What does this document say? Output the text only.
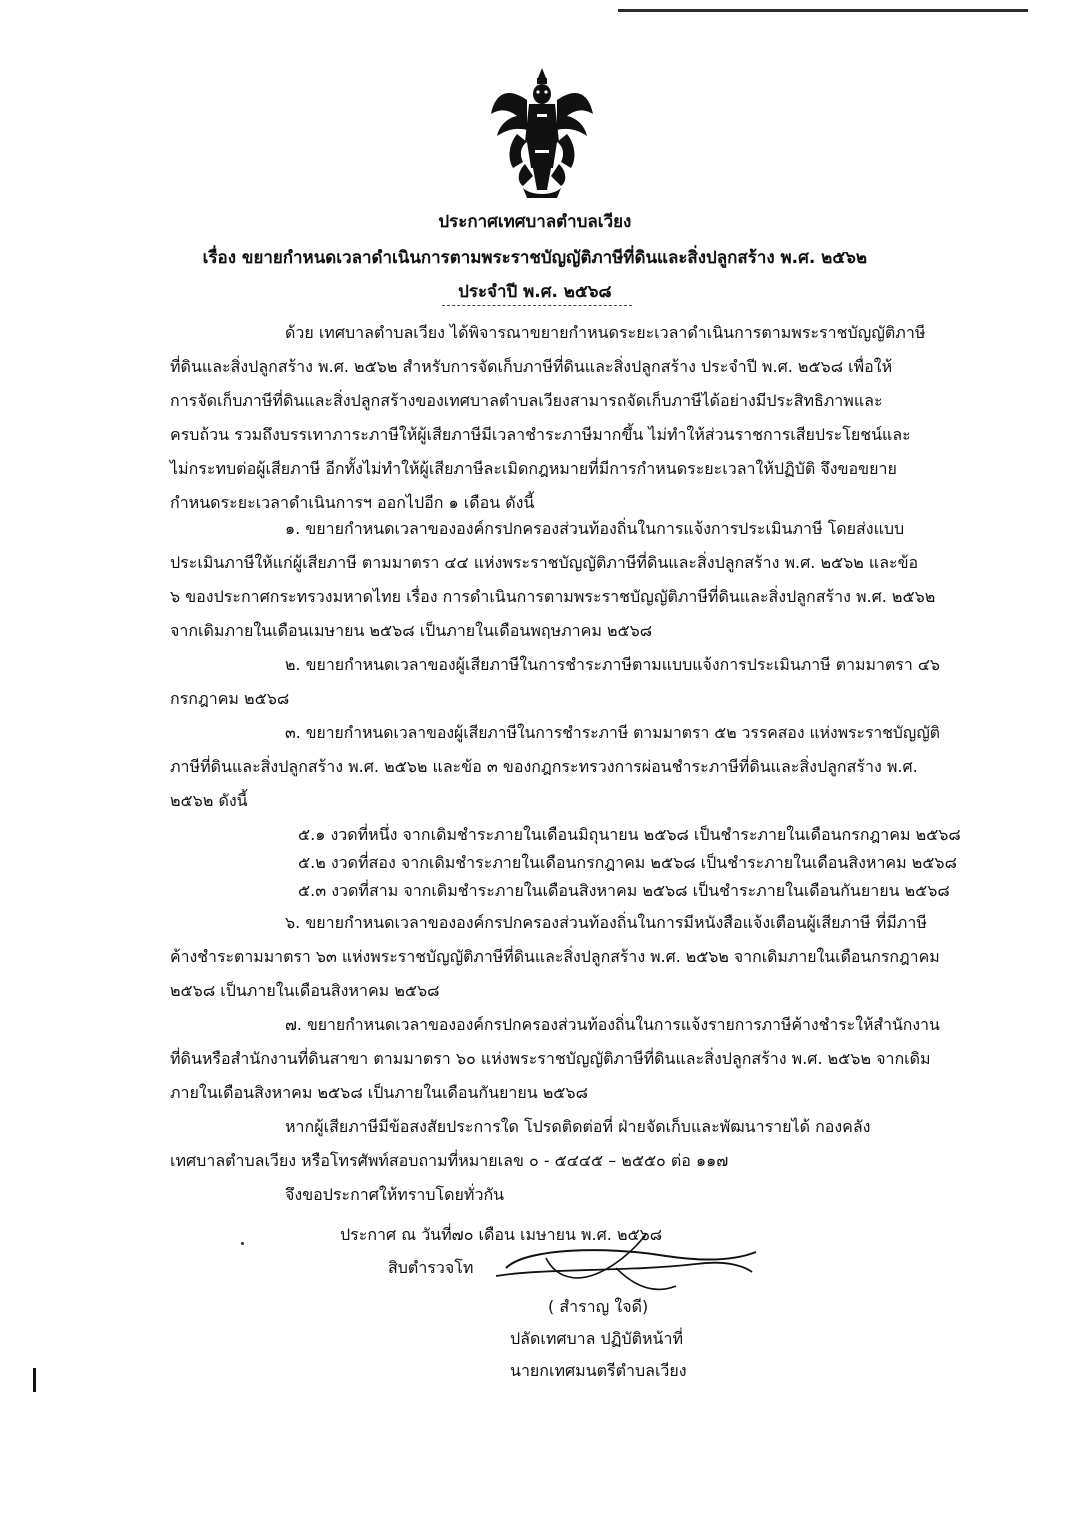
ประกาศเทศบาลตำบลเวียง
เรื่อง ขยายกำหนดเวลาดำเนินการตามพระราชบัญญัติภาษีที่ดินและสิ่งปลูกสร้าง พ.ศ. ๒๕๖๒
ประจำปี พ.ศ. ๒๕๖๘
ด้วย เทศบาลตำบลเวียง ได้พิจารณาขยายกำหนดระยะเวลาดำเนินการตามพระราชบัญญัติภาษี
ที่ดินและสิ่งปลูกสร้าง พ.ศ. ๒๕๖๒ สำหรับการจัดเก็บภาษีที่ดินและสิ่งปลูกสร้าง ประจำปี พ.ศ. ๒๕๖๘ เพื่อให้
การจัดเก็บภาษีที่ดินและสิ่งปลูกสร้างของเทศบาลตำบลเวียงสามารถจัดเก็บภาษีได้อย่างมีประสิทธิภาพและ
ครบถ้วน รวมถึงบรรเทาภาระภาษีให้ผู้เสียภาษีมีเวลาชำระภาษีมากขึ้น ไม่ทำให้ส่วนราชการเสียประโยชน์และ
ไม่กระทบต่อผู้เสียภาษี อีกทั้งไม่ทำให้ผู้เสียภาษีละเมิดกฎหมายที่มีการกำหนดระยะเวลาให้ปฏิบัติ จึงขอขยาย
กำหนดระยะเวลาดำเนินการฯ ออกไปอีก ๑ เดือน ดังนี้
๑. ขยายกำหนดเวลาขององค์กรปกครองส่วนท้องถิ่นในการแจ้งการประเมินภาษี โดยส่งแบบ
ประเมินภาษีให้แก่ผู้เสียภาษี ตามมาตรา ๔๔ แห่งพระราชบัญญัติภาษีที่ดินและสิ่งปลูกสร้าง พ.ศ. ๒๕๖๒ และข้อ
๖ ของประกาศกระทรวงมหาดไทย เรื่อง การดำเนินการตามพระราชบัญญัติภาษีที่ดินและสิ่งปลูกสร้าง พ.ศ. ๒๕๖๒
จากเดิมภายในเดือนเมษายน ๒๕๖๘ เป็นภายในเดือนพฤษภาคม ๒๕๖๘
๒. ขยายกำหนดเวลาของผู้เสียภาษีในการชำระภาษีตามแบบแจ้งการประเมินภาษี ตามมาตรา ๔๖
กรกฎาคม ๒๕๖๘
๓. ขยายกำหนดเวลาของผู้เสียภาษีในการชำระภาษี ตามมาตรา ๕๒ วรรคสอง แห่งพระราชบัญญัติ
ภาษีที่ดินและสิ่งปลูกสร้าง พ.ศ. ๒๕๖๒ และข้อ ๓ ของกฎกระทรวงการผ่อนชำระภาษีที่ดินและสิ่งปลูกสร้าง พ.ศ.
๒๕๖๒ ดังนี้
๕.๑ งวดที่หนึ่ง จากเดิมชำระภายในเดือนมิถุนายน ๒๕๖๘ เป็นชำระภายในเดือนกรกฎาคม ๒๕๖๘
๕.๒ งวดที่สอง จากเดิมชำระภายในเดือนกรกฎาคม ๒๕๖๘ เป็นชำระภายในเดือนสิงหาคม ๒๕๖๘
๕.๓ งวดที่สาม จากเดิมชำระภายในเดือนสิงหาคม ๒๕๖๘ เป็นชำระภายในเดือนกันยายน ๒๕๖๘
๖. ขยายกำหนดเวลาขององค์กรปกครองส่วนท้องถิ่นในการมีหนังสือแจ้งเตือนผู้เสียภาษี ที่มีภาษี
ค้างชำระตามมาตรา ๖๓ แห่งพระราชบัญญัติภาษีที่ดินและสิ่งปลูกสร้าง พ.ศ. ๒๕๖๒ จากเดิมภายในเดือนกรกฎาคม
๒๕๖๘ เป็นภายในเดือนสิงหาคม ๒๕๖๘
๗. ขยายกำหนดเวลาขององค์กรปกครองส่วนท้องถิ่นในการแจ้งรายการภาษีค้างชำระให้สำนักงาน
ที่ดินหรือสำนักงานที่ดินสาขา ตามมาตรา ๖๐ แห่งพระราชบัญญัติภาษีที่ดินและสิ่งปลูกสร้าง พ.ศ. ๒๕๖๒ จากเดิม
ภายในเดือนสิงหาคม ๒๕๖๘ เป็นภายในเดือนกันยายน ๒๕๖๘
หากผู้เสียภาษีมีข้อสงสัยประการใด โปรดติดต่อที่ ฝ่ายจัดเก็บและพัฒนารายได้ กองคลัง
เทศบาลตำบลเวียง หรือโทรศัพท์สอบถามที่หมายเลข ๐ - ๕๔๔๕ – ๒๕๕๐ ต่อ ๑๑๗
จึงขอประกาศให้ทราบโดยทั่วกัน
ประกาศ ณ วันที่๗๐ เดือน เมษายน พ.ศ. ๒๕๖๘
สิบตำรวจโท
( สำราญ ใจดี)
ปลัดเทศบาล ปฏิบัติหน้าที่
นายกเทศมนตรีตำบลเวียง
